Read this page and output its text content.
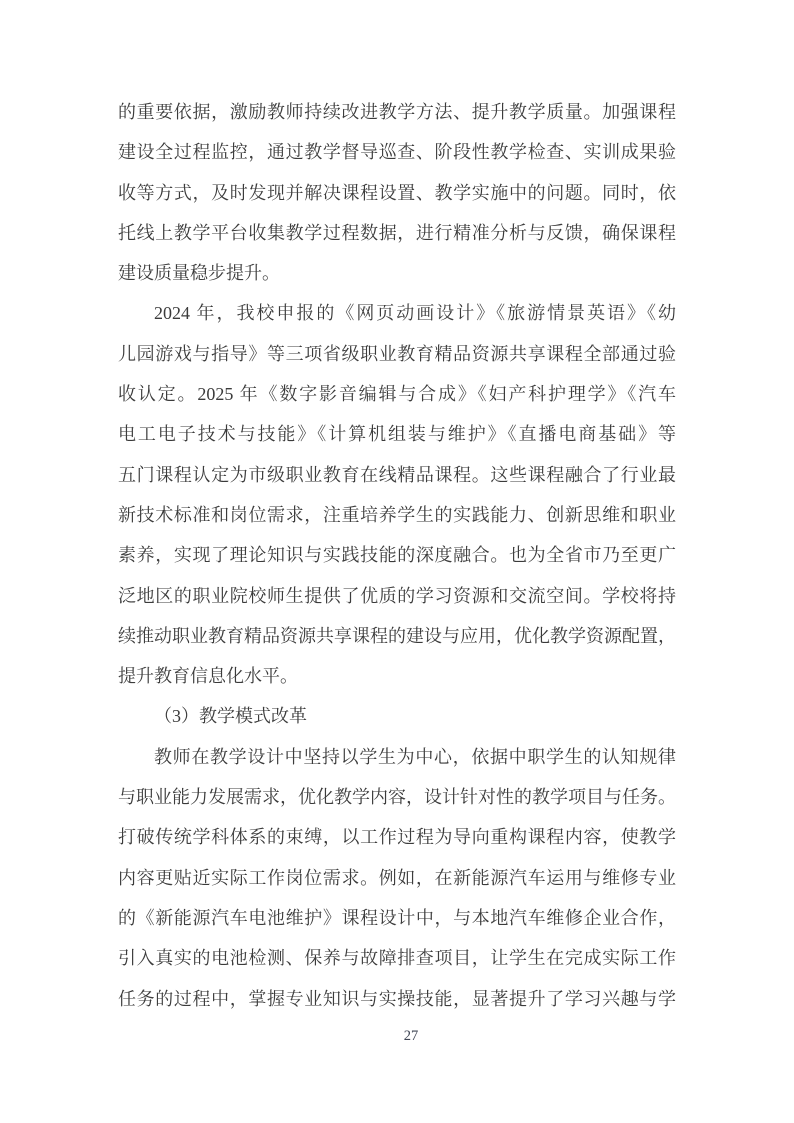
的重要依据，激励教师持续改进教学方法、提升教学质量。加强课程
建设全过程监控，通过教学督导巡查、阶段性教学检查、实训成果验
收等方式，及时发现并解决课程设置、教学实施中的问题。同时，依
托线上教学平台收集教学过程数据，进行精准分析与反馈，确保课程
建设质量稳步提升。
2024 年，我校申报的《网页动画设计》《旅游情景英语》《幼
儿园游戏与指导》等三项省级职业教育精品资源共享课程全部通过验
收认定。2025 年《数字影音编辑与合成》《妇产科护理学》《汽车
电工电子技术与技能》《计算机组装与维护》《直播电商基础》等
五门课程认定为市级职业教育在线精品课程。这些课程融合了行业最
新技术标准和岗位需求，注重培养学生的实践能力、创新思维和职业
素养，实现了理论知识与实践技能的深度融合。也为全省市乃至更广
泛地区的职业院校师生提供了优质的学习资源和交流空间。学校将持
续推动职业教育精品资源共享课程的建设与应用，优化教学资源配置，
提升教育信息化水平。
（3）教学模式改革
教师在教学设计中坚持以学生为中心，依据中职学生的认知规律
与职业能力发展需求，优化教学内容，设计针对性的教学项目与任务。
打破传统学科体系的束缚，以工作过程为导向重构课程内容，使教学
内容更贴近实际工作岗位需求。例如，在新能源汽车运用与维修专业
的《新能源汽车电池维护》课程设计中，与本地汽车维修企业合作，
引入真实的电池检测、保养与故障排查项目，让学生在完成实际工作
任务的过程中，掌握专业知识与实操技能，显著提升了学习兴趣与学
27
